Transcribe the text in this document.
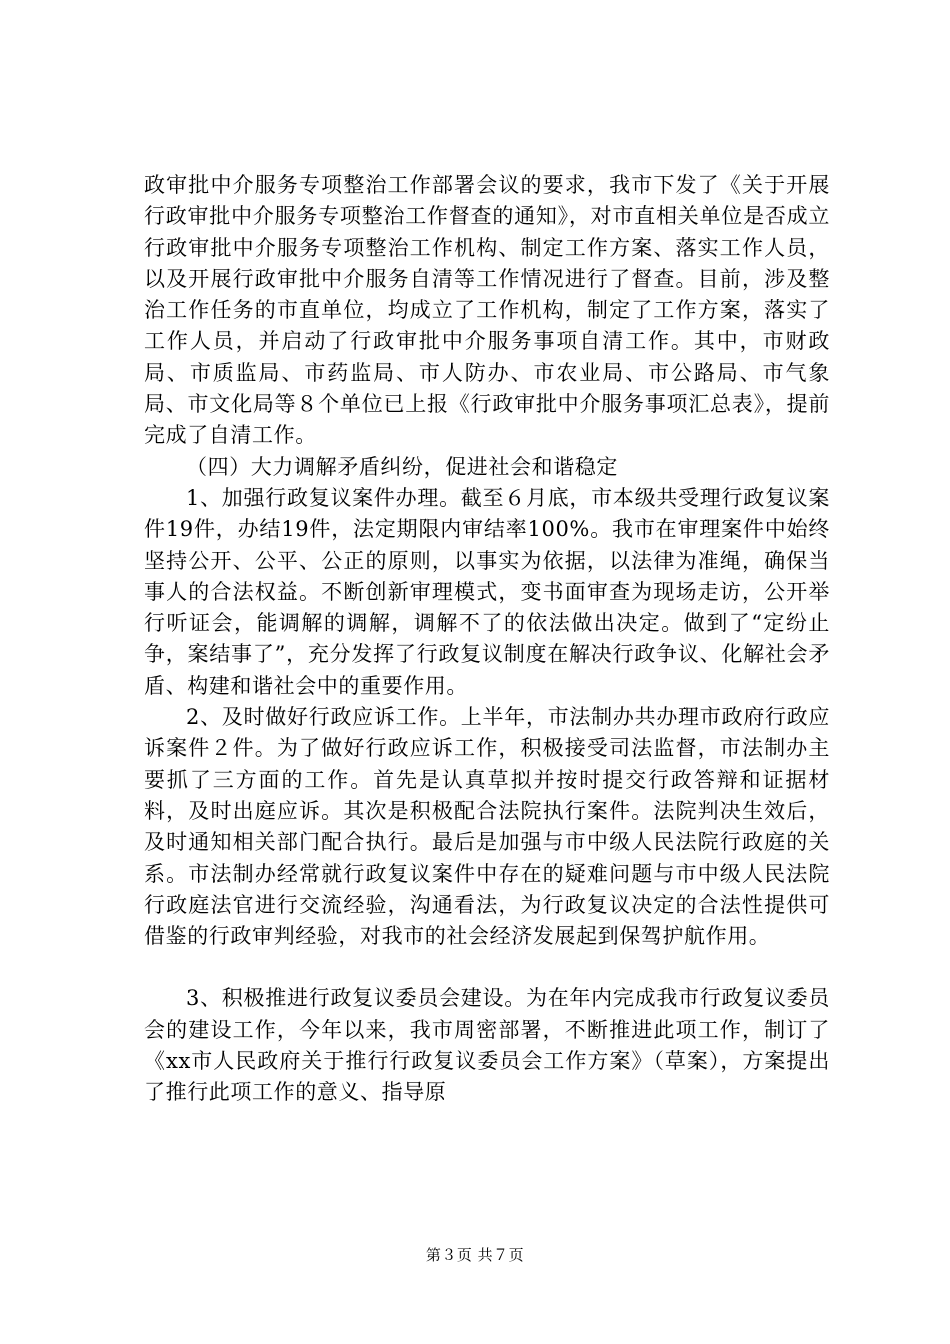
政审批中介服务专项整治工作部署会议的要求，我市下发了《关于开展行政审批中介服务专项整治工作督查的通知》，对市直相关单位是否成立行政审批中介服务专项整治工作机构、制定工作方案、落实工作人员，以及开展行政审批中介服务自清等工作情况进行了督查。目前，涉及整治工作任务的市直单位，均成立了工作机构，制定了工作方案，落实了工作人员，并启动了行政审批中介服务事项自清工作。其中，市财政局、市质监局、市药监局、市人防办、市农业局、市公路局、市气象局、市文化局等８个单位已上报《行政审批中介服务事项汇总表》，提前完成了自清工作。

（四）大力调解矛盾纠纷，促进社会和谐稳定

1、加强行政复议案件办理。截至６月底，市本级共受理行政复议案件19件，办结19件，法定期限内审结率100%。我市在审理案件中始终坚持公开、公平、公正的原则，以事实为依据，以法律为准绳，确保当事人的合法权益。不断创新审理模式，变书面审查为现场走访，公开举行听证会，能调解的调解，调解不了的依法做出决定。做到了“定纷止争，案结事了”，充分发挥了行政复议制度在解决行政争议、化解社会矛盾、构建和谐社会中的重要作用。

2、及时做好行政应诉工作。上半年，市法制办共办理市政府行政应诉案件２件。为了做好行政应诉工作，积极接受司法监督，市法制办主要抓了三方面的工作。首先是认真草拟并按时提交行政答辩和证据材料，及时出庭应诉。其次是积极配合法院执行案件。法院判决生效后，及时通知相关部门配合执行。最后是加强与市中级人民法院行政庭的关系。市法制办经常就行政复议案件中存在的疑难问题与市中级人民法院行政庭法官进行交流经验，沟通看法，为行政复议决定的合法性提供可借鉴的行政审判经验，对我市的社会经济发展起到保驾护航作用。

3、积极推进行政复议委员会建设。为在年内完成我市行政复议委员会的建设工作，今年以来，我市周密部署，不断推进此项工作，制订了《xx市人民政府关于推行行政复议委员会工作方案》（草案），方案提出了推行此项工作的意义、指导原

第３页 共７页
